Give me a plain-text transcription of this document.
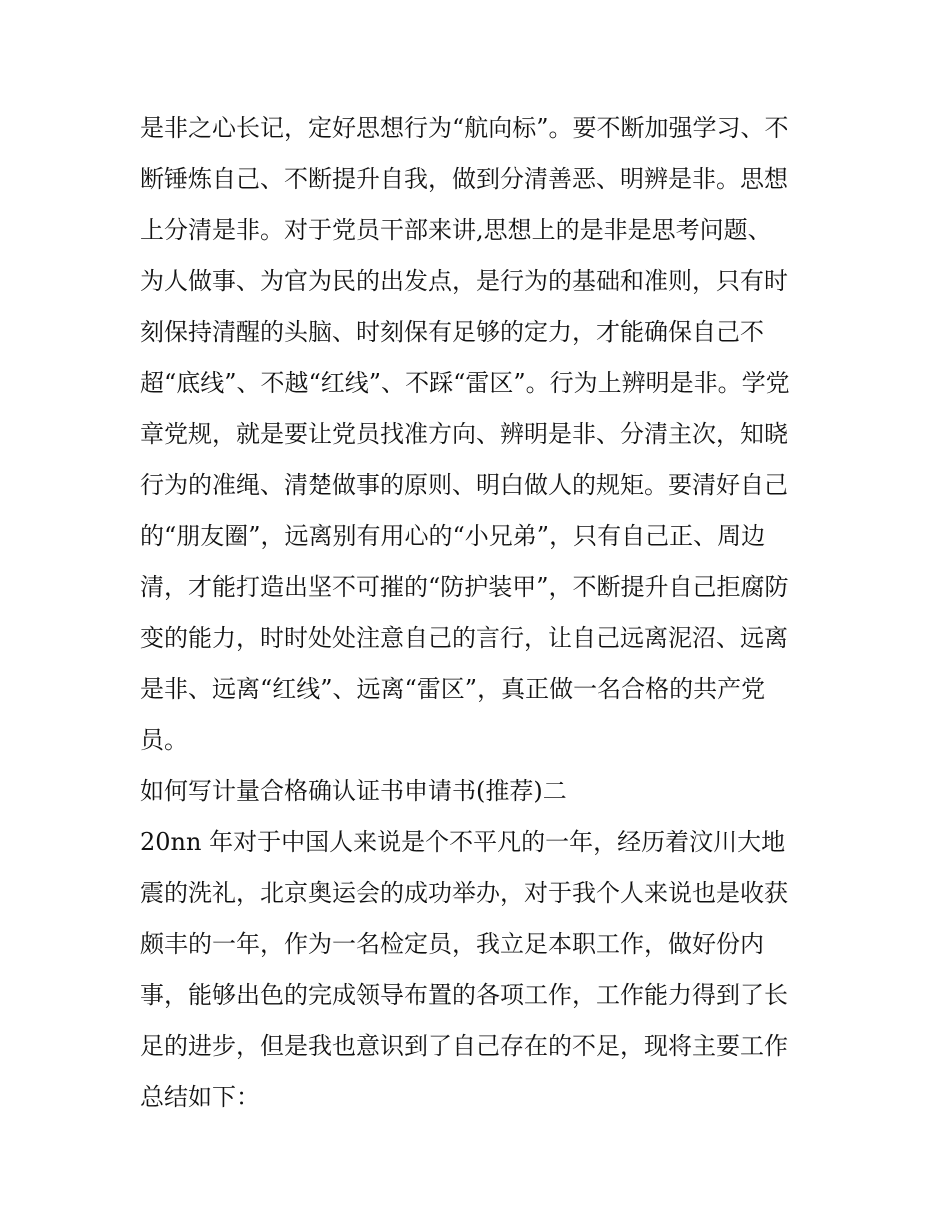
是非之心长记，定好思想行为“航向标”。要不断加强学习、不
断锤炼自己、不断提升自我，做到分清善恶、明辨是非。思想
上分清是非。对于党员干部来讲,思想上的是非是思考问题、
为人做事、为官为民的出发点，是行为的基础和准则，只有时
刻保持清醒的头脑、时刻保有足够的定力，才能确保自己不
超“底线”、不越“红线”、不踩“雷区”。行为上辨明是非。学党
章党规，就是要让党员找准方向、辨明是非、分清主次，知晓
行为的准绳、清楚做事的原则、明白做人的规矩。要清好自己
的“朋友圈”，远离别有用心的“小兄弟”，只有自己正、周边
清，才能打造出坚不可摧的“防护装甲”，不断提升自己拒腐防
变的能力，时时处处注意自己的言行，让自己远离泥沼、远离
是非、远离“红线”、远离“雷区”，真正做一名合格的共产党
员。
如何写计量合格确认证书申请书(推荐)二
20nn 年对于中国人来说是个不平凡的一年，经历着汶川大地
震的洗礼，北京奥运会的成功举办，对于我个人来说也是收获
颇丰的一年，作为一名检定员，我立足本职工作，做好份内
事，能够出色的完成领导布置的各项工作，工作能力得到了长
足的进步，但是我也意识到了自己存在的不足，现将主要工作
总结如下：
